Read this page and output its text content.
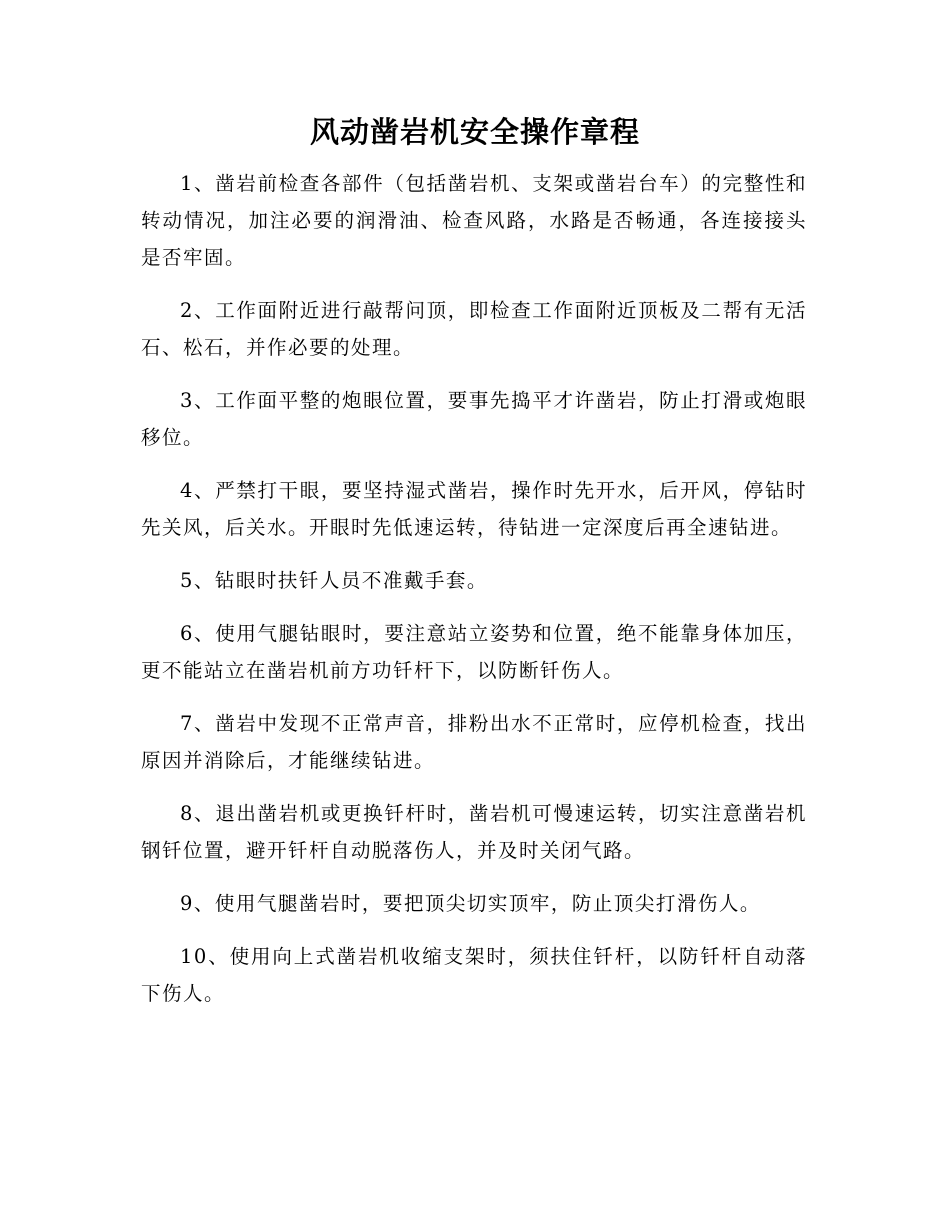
风动凿岩机安全操作章程

1、凿岩前检查各部件（包括凿岩机、支架或凿岩台车）的完整性和转动情况，加注必要的润滑油、检查风路，水路是否畅通，各连接接头是否牢固。

2、工作面附近进行敲帮问顶，即检查工作面附近顶板及二帮有无活石、松石，并作必要的处理。

3、工作面平整的炮眼位置，要事先捣平才许凿岩，防止打滑或炮眼移位。

4、严禁打干眼，要坚持湿式凿岩，操作时先开水，后开风，停钻时先关风，后关水。开眼时先低速运转，待钻进一定深度后再全速钻进。

5、钻眼时扶钎人员不准戴手套。

6、使用气腿钻眼时，要注意站立姿势和位置，绝不能靠身体加压，更不能站立在凿岩机前方功钎杆下，以防断钎伤人。

7、凿岩中发现不正常声音，排粉出水不正常时，应停机检查，找出原因并消除后，才能继续钻进。

8、退出凿岩机或更换钎杆时，凿岩机可慢速运转，切实注意凿岩机钢钎位置，避开钎杆自动脱落伤人，并及时关闭气路。

9、使用气腿凿岩时，要把顶尖切实顶牢，防止顶尖打滑伤人。

10、使用向上式凿岩机收缩支架时，须扶住钎杆，以防钎杆自动落下伤人。
